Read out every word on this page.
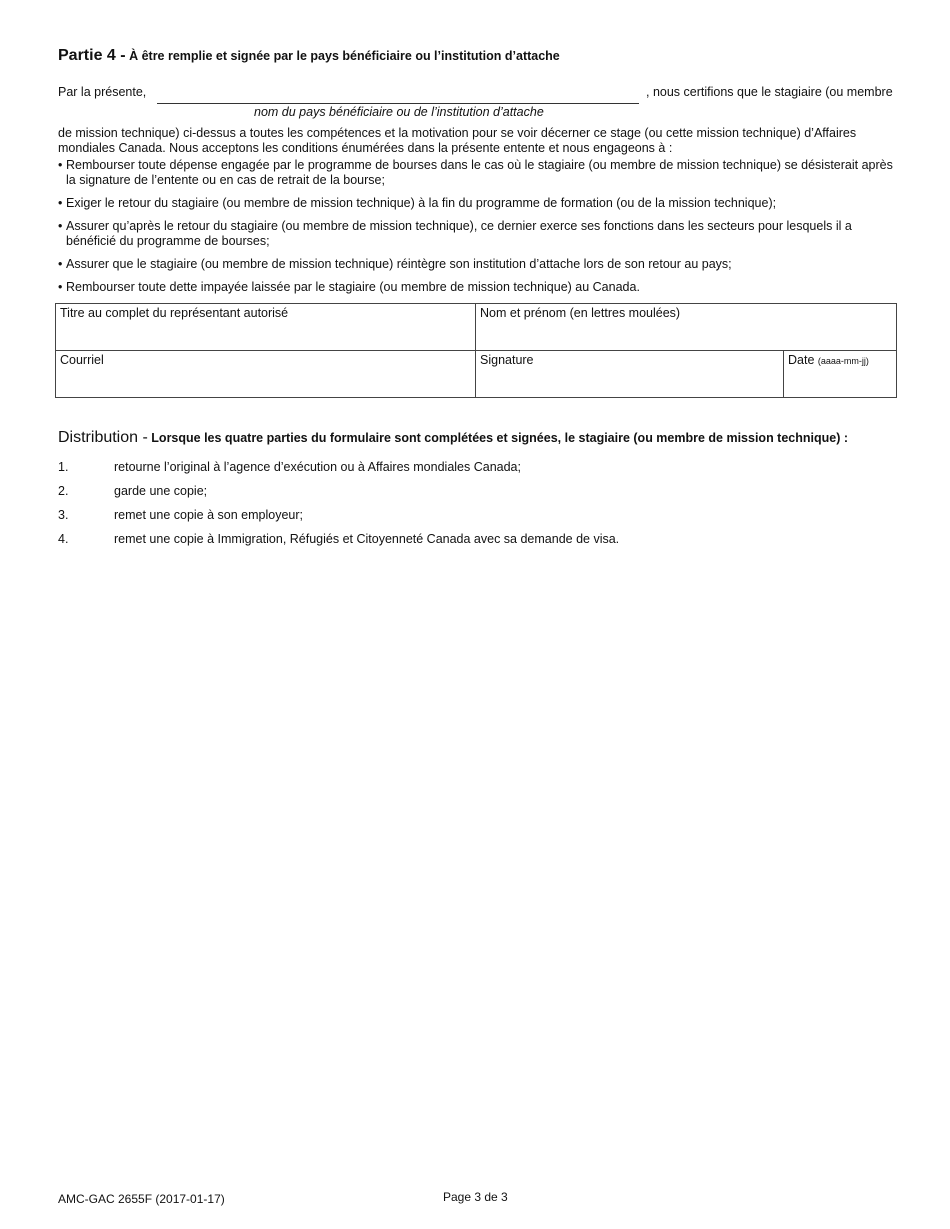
Partie 4 - À être remplie et signée par le pays bénéficiaire ou l’institution d’attache
Par la présente,	, nous certifions que le stagiaire (ou membre
nom du pays bénéficiaire ou de l’institution d’attache
de mission technique) ci-dessus a toutes les compétences et la motivation pour se voir décerner ce stage (ou cette mission technique) d’Affaires mondiales Canada. Nous acceptons les conditions énumérées dans la présente entente et nous engageons à :
• Rembourser toute dépense engagée par le programme de bourses dans le cas où le stagiaire (ou membre de mission technique) se désisterait après la signature de l’entente ou en cas de retrait de la bourse;
• Exiger le retour du stagiaire (ou membre de mission technique) à la fin du programme de formation (ou de la mission technique);
• Assurer qu’après le retour du stagiaire (ou membre de mission technique), ce dernier exerce ses fonctions dans les secteurs pour lesquels il a bénéficié du programme de bourses;
• Assurer que le stagiaire (ou membre de mission technique) réintègre son institution d’attache lors de son retour au pays;
• Rembourser toute dette impayée laissée par le stagiaire (ou membre de mission technique) au Canada.
Titre au complet du représentant autorisé	Nom et prénom (en lettres moulées)	
Courriel	Signature	Date (aaaa-mm-jj)
Distribution - Lorsque les quatre parties du formulaire sont complétées et signées, le stagiaire (ou membre de mission technique) :
1.	retourne l’original à l’agence d’exécution ou à Affaires mondiales Canada;
2.	garde une copie;
3.	remet une copie à son employeur;
4.	remet une copie à Immigration, Réfugiés et Citoyenneté Canada avec sa demande de visa.
AMC-GAC 2655F (2017-01-17)	Page 3 de 3
